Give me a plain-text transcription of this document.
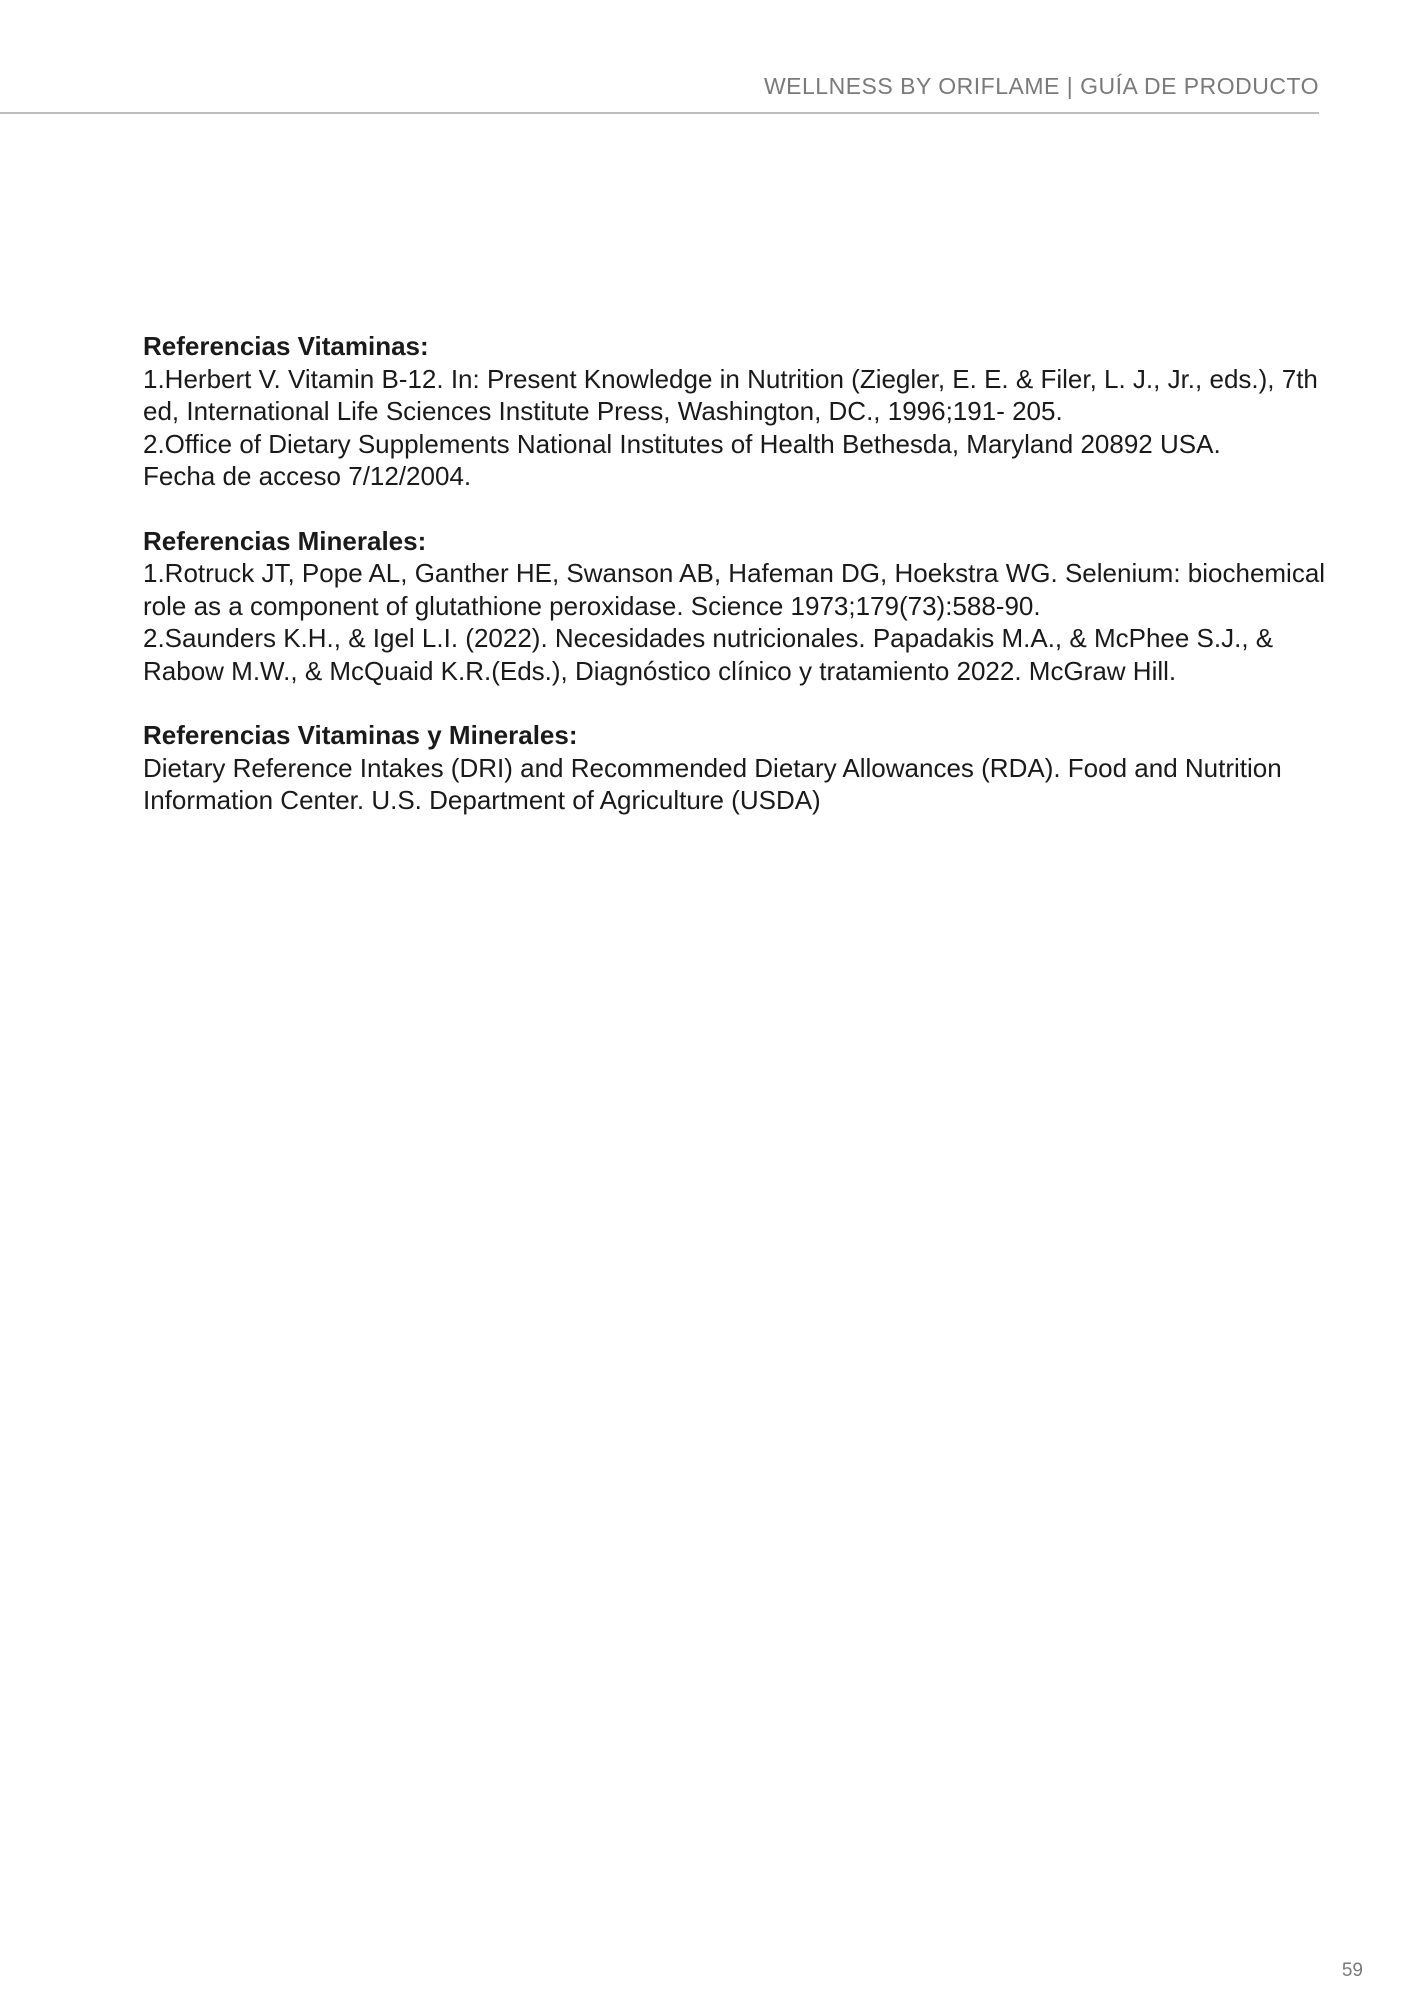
WELLNESS BY ORIFLAME | GUÍA DE PRODUCTO

Referencias Vitaminas:

1.Herbert V. Vitamin B-12. In: Present Knowledge in Nutrition (Ziegler, E. E. & Filer, L. J., Jr., eds.), 7th

ed, International Life Sciences Institute Press, Washington, DC., 1996;191- 205.

2.Office of Dietary Supplements National Institutes of Health Bethesda, Maryland 20892 USA.

Fecha de acceso 7/12/2004.

Referencias Minerales:

1.Rotruck JT, Pope AL, Ganther HE, Swanson AB, Hafeman DG, Hoekstra WG. Selenium: biochemical

role as a component of glutathione peroxidase. Science 1973;179(73):588-90.

2.Saunders K.H., & Igel L.I. (2022). Necesidades nutricionales. Papadakis M.A., & McPhee S.J., &

Rabow M.W., & McQuaid K.R.(Eds.), Diagnóstico clínico y tratamiento 2022. McGraw Hill.

Referencias Vitaminas y Minerales:

Dietary Reference Intakes (DRI) and Recommended Dietary Allowances (RDA). Food and Nutrition

Information Center. U.S. Department of Agriculture (USDA)

59
